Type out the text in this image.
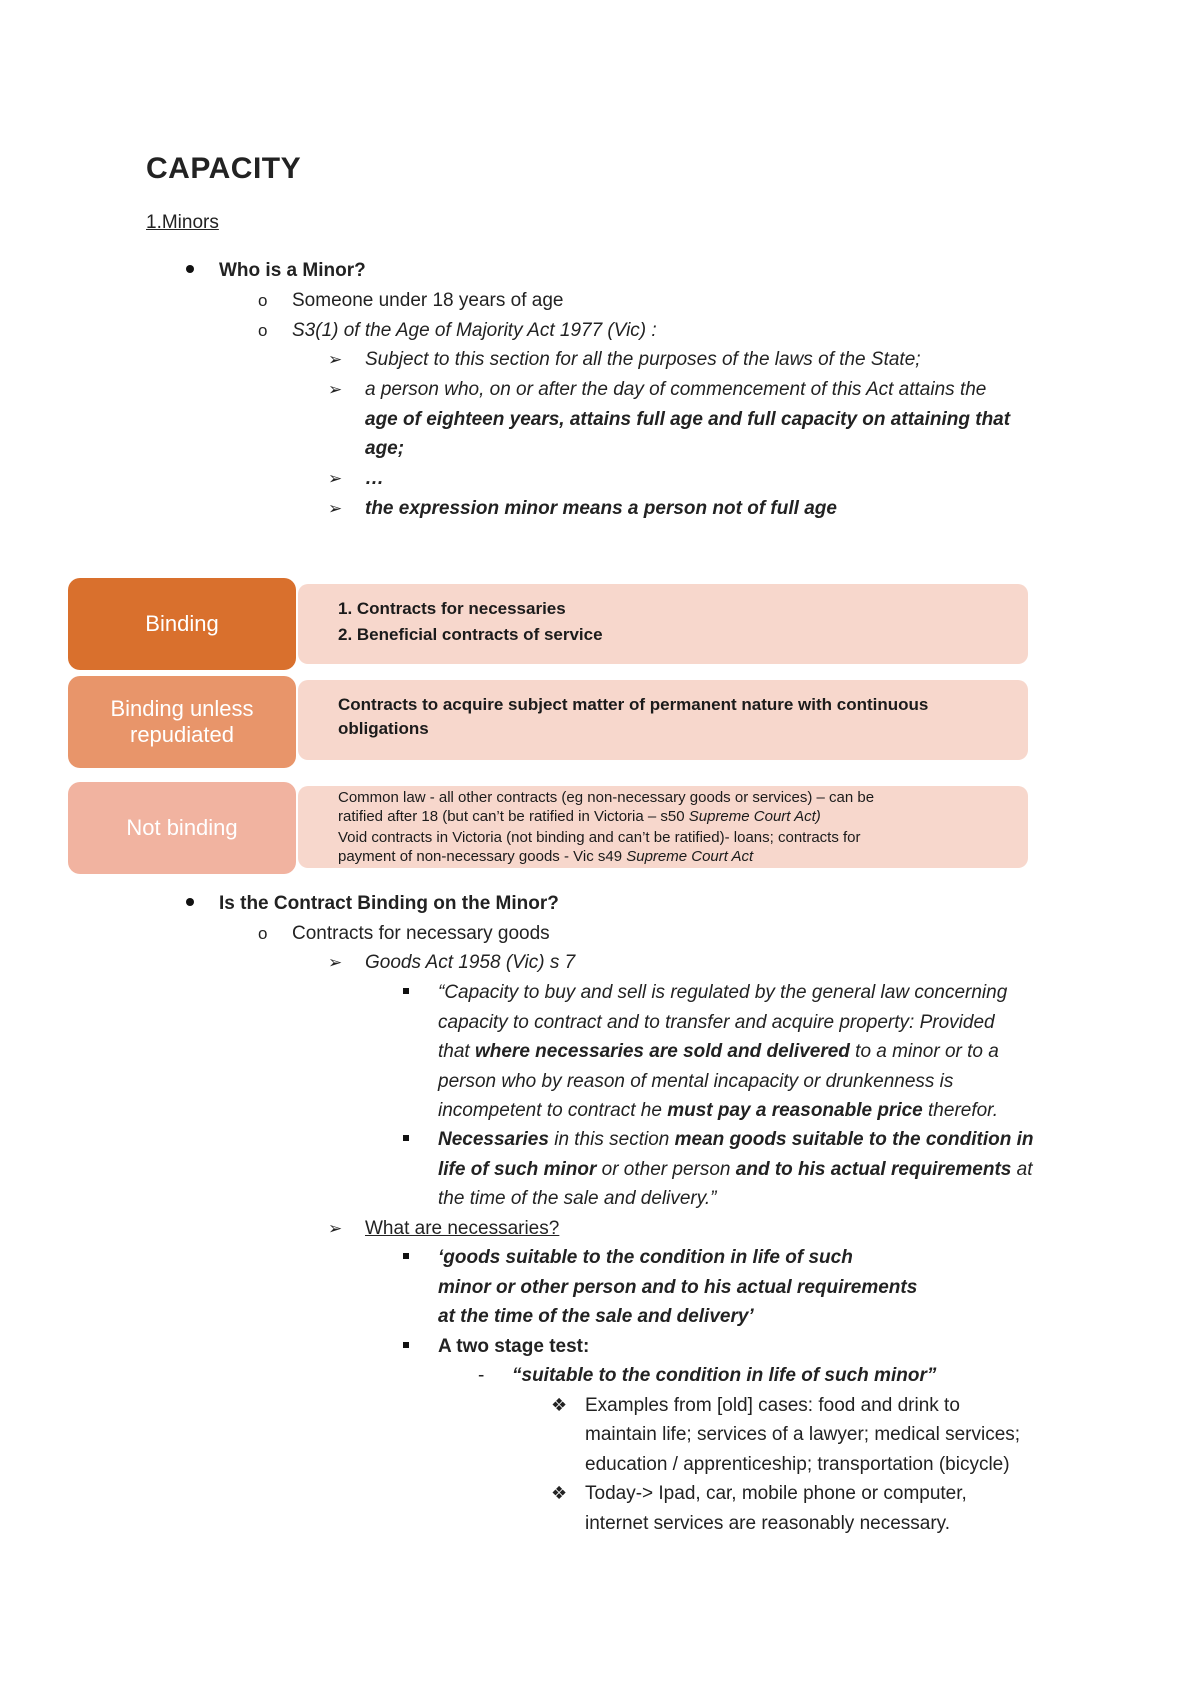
CAPACITY
1.Minors
Who is a Minor?
o Someone under 18 years of age
o S3(1) of the Age of Majority Act 1977 (Vic) :
➢ Subject to this section for all the purposes of the laws of the State;
➢ a person who, on or after the day of commencement of this Act attains the
age of eighteen years, attains full age and full capacity on attaining that
age;
➢ …
➢ the expression minor means a person not of full age
1. Contracts for necessaries
2. Beneficial contracts of service
Binding
Contracts to acquire subject matter of permanent nature with continuous
obligations
Binding unless
repudiated
Common law - all other contracts (eg non-necessary goods or services) – can be
ratified after 18 (but can’t be ratified in Victoria – s50 Supreme Court Act)
Void contracts in Victoria (not binding and can’t be ratified)- loans; contracts for
payment of non-necessary goods - Vic s49 Supreme Court Act
Not binding
Is the Contract Binding on the Minor?
o Contracts for necessary goods
➢ Goods Act 1958 (Vic) s 7
“Capacity to buy and sell is regulated by the general law concerning
capacity to contract and to transfer and acquire property: Provided
that where necessaries are sold and delivered to a minor or to a
person who by reason of mental incapacity or drunkenness is
incompetent to contract he must pay a reasonable price therefor.
Necessaries in this section mean goods suitable to the condition in
life of such minor or other person and to his actual requirements at
the time of the sale and delivery.”
➢ What are necessaries?
‘goods suitable to the condition in life of such
minor or other person and to his actual requirements
at the time of the sale and delivery’
A two stage test:
- “suitable to the condition in life of such minor”
❖ Examples from [old] cases: food and drink to
maintain life; services of a lawyer; medical services;
education / apprenticeship; transportation (bicycle)
❖ Today-> Ipad, car, mobile phone or computer,
internet services are reasonably necessary.
